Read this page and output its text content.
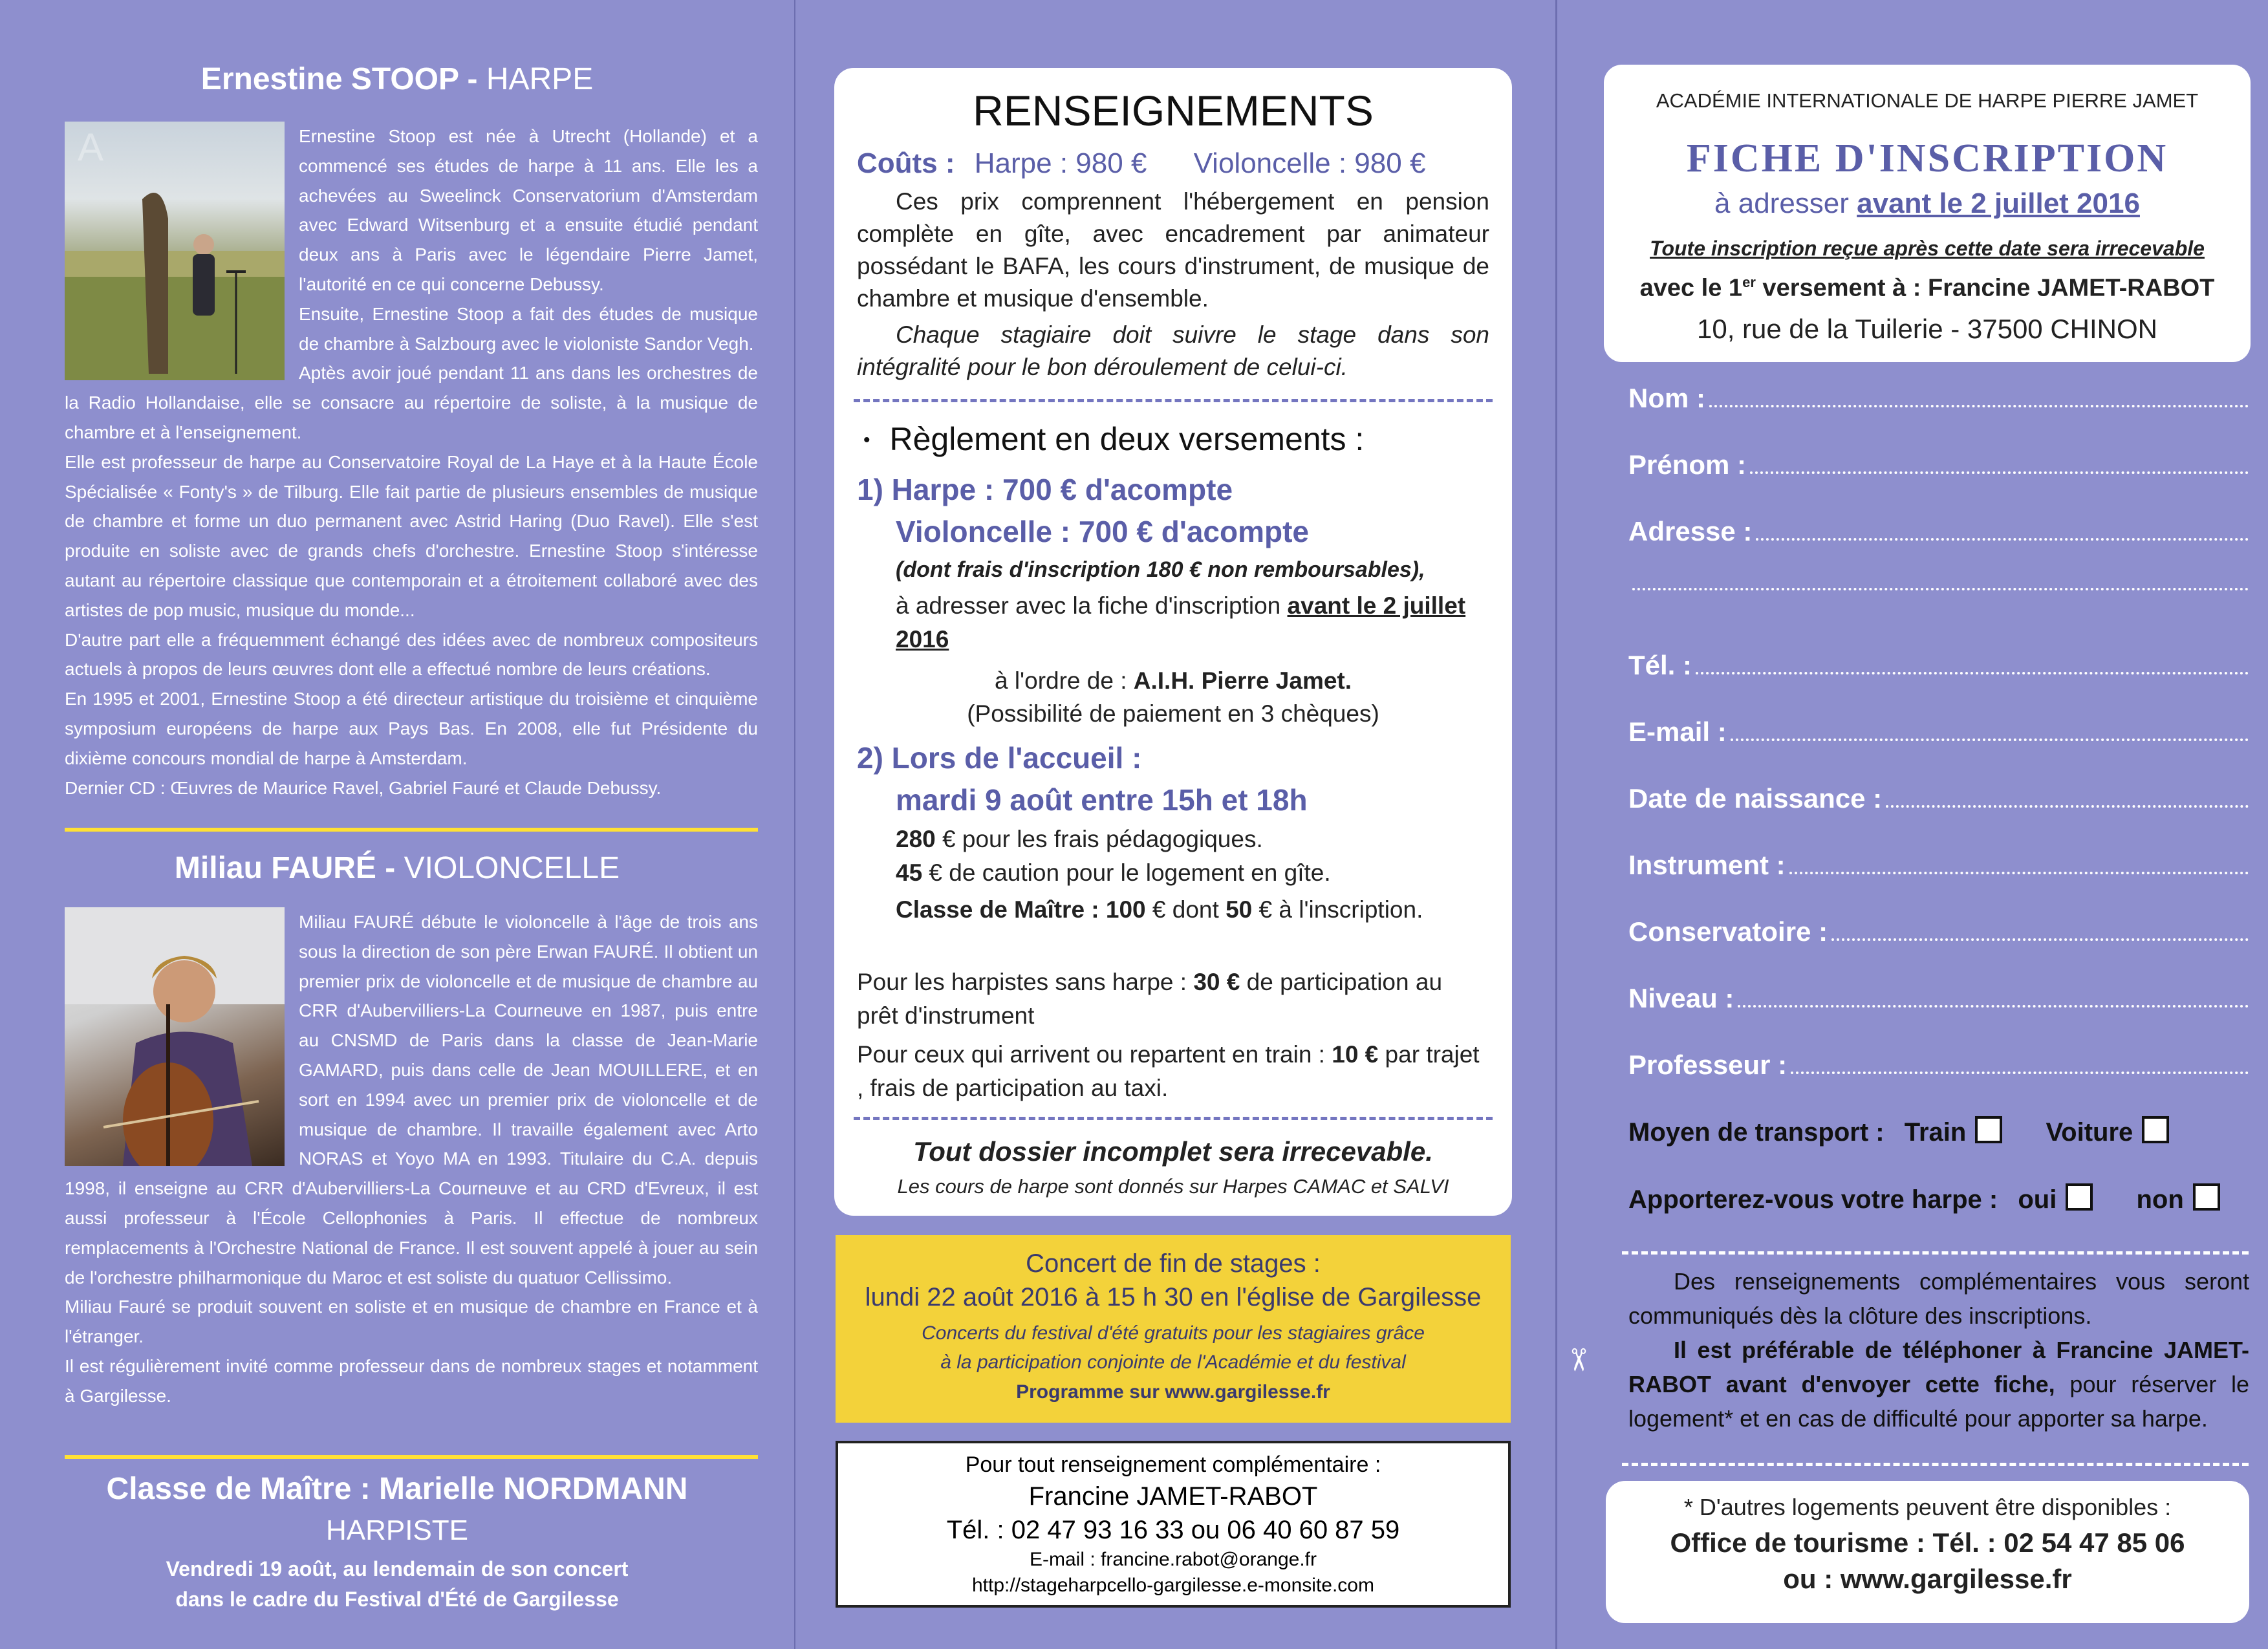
Ernestine STOOP - HARPE
A	Ernestine Stoop est née à Utrecht (Hollande) et a commencé ses études de harpe à 11 ans. Elle les a achevées au Sweelinck Conservatorium d'Amsterdam avec Edward Witsenburg et a ensuite étudié pendant deux ans à Paris avec le légendaire Pierre Jamet, l'autorité en ce qui concerne Debussy.

Ensuite, Ernestine Stoop a fait des études de musique de chambre à Salzbourg avec le violoniste Sandor Vegh.

Aptès avoir joué pendant 11 ans dans les orchestres de la Radio Hollandaise, elle se consacre au répertoire de soliste, à la musique de chambre et à l'enseignement.

Elle est professeur de harpe au Conservatoire Royal de La Haye et à la Haute École Spécialisée « Fonty's » de Tilburg. Elle fait partie de plusieurs ensembles de musique de chambre et forme un duo permanent avec Astrid Haring (Duo Ravel). Elle s'est produite en soliste avec de grands chefs d'orchestre. Ernestine Stoop s'intéresse autant au répertoire classique que contemporain et a étroitement collaboré avec des artistes de pop music, musique du monde...

D'autre part elle a fréquemment échangé des idées avec de nombreux compositeurs actuels à propos de leurs œuvres dont elle a effectué nombre de leurs créations.

En 1995 et 2001, Ernestine Stoop a été directeur artistique du troisième et cinquième symposium européens de harpe aux Pays Bas. En 2008, elle fut Présidente du dixième concours mondial de harpe à Amsterdam.

Dernier CD : Œuvres de Maurice Ravel, Gabriel Fauré et Claude Debussy.

Miliau FAURÉ - VIOLONCELLE

Miliau FAURÉ débute le violoncelle à l'âge de trois ans sous la direction de son père Erwan FAURÉ. Il obtient un premier prix de violoncelle et de musique de chambre au CRR d'Aubervilliers-La Courneuve en 1987, puis entre au CNSMD de Paris dans la classe de Jean-Marie GAMARD, puis dans celle de Jean MOUILLERE, et en sort en 1994 avec un premier prix de violoncelle et de musique de chambre. Il travaille également avec Arto NORAS et Yoyo MA en 1993. Titulaire du C.A. depuis 1998, il enseigne au CRR d'Aubervilliers-La Courneuve et au CRD d'Evreux, il est aussi professeur à l'École Cellophonies à Paris. Il effectue de nombreux remplacements à l'Orchestre National de France. Il est souvent appelé à jouer au sein de l'orchestre philharmonique du Maroc et est soliste du quatuor Cellissimo.

Miliau Fauré se produit souvent en soliste et en musique de chambre en France et à l'étranger.

Il est régulièrement invité comme professeur dans de nombreux stages et notamment à Gargilesse.

Classe de Maître : Marielle NORDMANN
HARPISTE
Vendredi 19 août, au lendemain de son concert
dans le cadre du Festival d'Été de Gargilesse
RENSEIGNEMENTS
Coûts : Harpe : 980 € Violoncelle : 980 €
Ces prix comprennent l'hébergement en pension complète en gîte, avec encadrement par animateur possédant le BAFA, les cours d'instrument, de musique de chambre et musique d'ensemble.
Chaque stagiaire doit suivre le stage dans son intégralité pour le bon déroulement de celui-ci.
• Règlement en deux versements :
1) Harpe : 700 € d'acompte
Violoncelle : 700 € d'acompte
(dont frais d'inscription 180 € non remboursables),
à adresser avec la fiche d'inscription avant le 2 juillet 2016
à l'ordre de : A.I.H. Pierre Jamet.
(Possibilité de paiement en 3 chèques)
2) Lors de l'accueil :
mardi 9 août entre 15h et 18h
280 € pour les frais pédagogiques.
45 € de caution pour le logement en gîte.
Classe de Maître : 100 € dont 50 € à l'inscription.
Pour les harpistes sans harpe : 30 € de participation au prêt d'instrument
Pour ceux qui arrivent ou repartent en train : 10 € par trajet , frais de participation au taxi.
Tout dossier incomplet sera irrecevable.
Les cours de harpe sont donnés sur Harpes CAMAC et SALVI
Concert de fin de stages :
lundi 22 août 2016 à 15 h 30 en l'église de Gargilesse
Concerts du festival d'été gratuits pour les stagiaires grâce
à la participation conjointe de l'Académie et du festival
Programme sur www.gargilesse.fr
Pour tout renseignement complémentaire :
Francine JAMET-RABOT
Tél. : 02 47 93 16 33 ou 06 40 60 87 59
E-mail : francine.rabot@orange.fr
http://stageharpcello-gargilesse.e-monsite.com
ACADÉMIE INTERNATIONALE DE HARPE PIERRE JAMET
FICHE D'INSCRIPTION
à adresser avant le 2 juillet 2016
Toute inscription reçue après cette date sera irrecevable
avec le 1er versement à : Francine JAMET-RABOT
10, rue de la Tuilerie - 37500 CHINON
Nom :
Prénom :
Adresse :
Tél. :
E-mail :
Date de naissance :
Instrument :
Conservatoire :
Niveau :
Professeur :
Moyen de transport : Train	Voiture
Apporterez-vous votre harpe : oui	non
✂
Des renseignements complémentaires vous seront communiqués dès la clôture des inscriptions.
Il est préférable de téléphoner à Francine JAMET-RABOT avant d'envoyer cette fiche, pour réserver le logement* et en cas de difficulté pour apporter sa harpe.
* D'autres logements peuvent être disponibles :
Office de tourisme : Tél. : 02 54 47 85 06
ou : www.gargilesse.fr
